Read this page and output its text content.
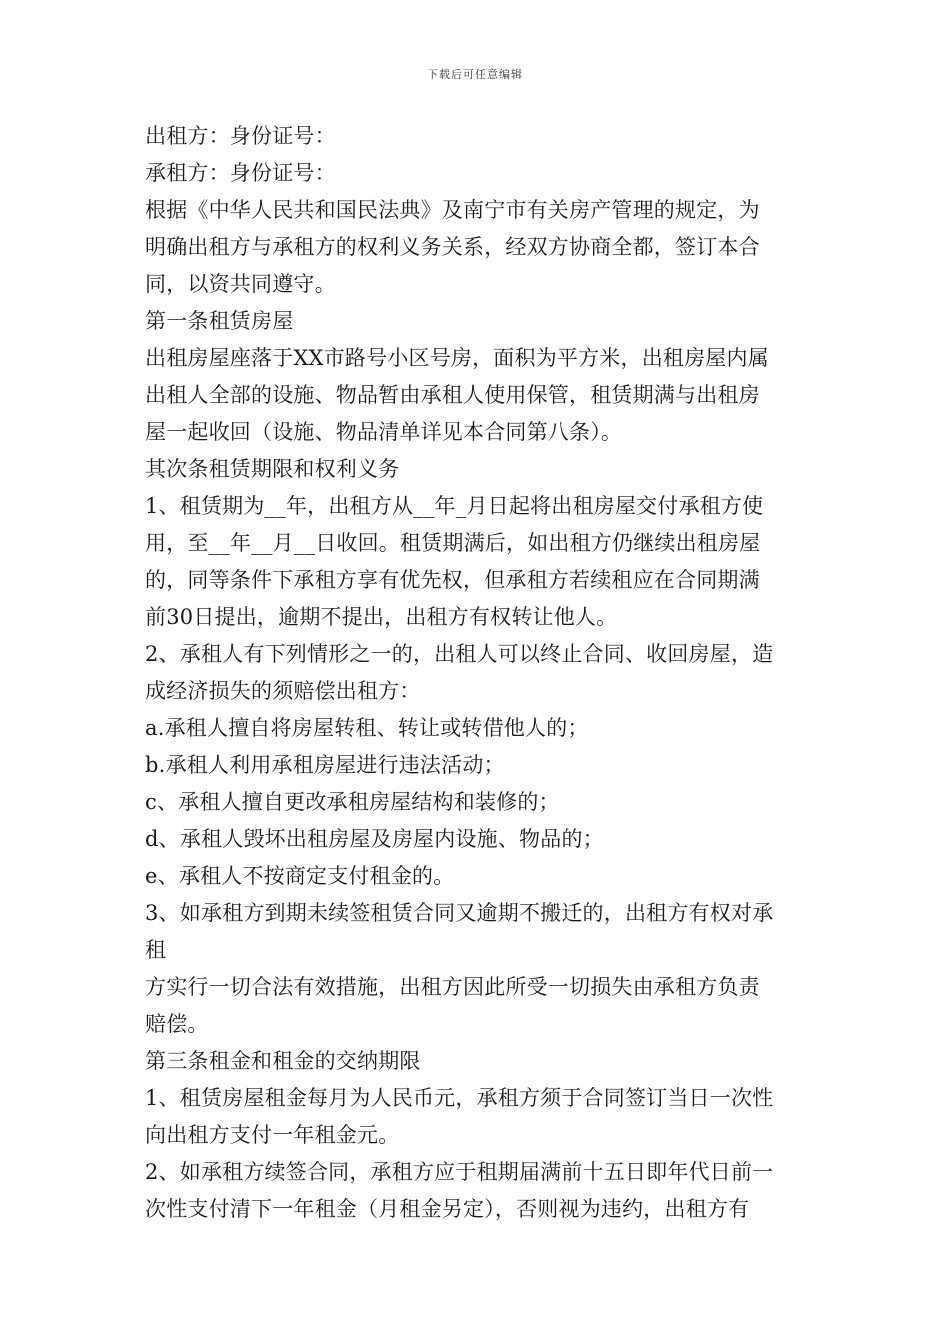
下载后可任意编辑
出租方：身份证号：
承租方：身份证号：
根据《中华人民共和国民法典》及南宁市有关房产管理的规定，为
明确出租方与承租方的权利义务关系，经双方协商全都，签订本合
同，以资共同遵守。
第一条租赁房屋
出租房屋座落于XX市路号小区号房，面积为平方米，出租房屋内属
出租人全部的设施、物品暂由承租人使用保管，租赁期满与出租房
屋一起收回（设施、物品清单详见本合同第八条）。
其次条租赁期限和权利义务
1、租赁期为__年，出租方从__年_月日起将出租房屋交付承租方使
用，至__年__月__日收回。租赁期满后，如出租方仍继续出租房屋
的，同等条件下承租方享有优先权，但承租方若续租应在合同期满
前30日提出，逾期不提出，出租方有权转让他人。
2、承租人有下列情形之一的，出租人可以终止合同、收回房屋，造
成经济损失的须赔偿出租方：
a.承租人擅自将房屋转租、转让或转借他人的；
b.承租人利用承租房屋进行违法活动；
c、承租人擅自更改承租房屋结构和装修的；
d、承租人毁坏出租房屋及房屋内设施、物品的；
e、承租人不按商定支付租金的。
3、如承租方到期未续签租赁合同又逾期不搬迁的，出租方有权对承
租
方实行一切合法有效措施，出租方因此所受一切损失由承租方负责
赔偿。
第三条租金和租金的交纳期限
1、租赁房屋租金每月为人民币元，承租方须于合同签订当日一次性
向出租方支付一年租金元。
2、如承租方续签合同，承租方应于租期届满前十五日即年代日前一
次性支付清下一年租金（月租金另定），否则视为违约，出租方有
